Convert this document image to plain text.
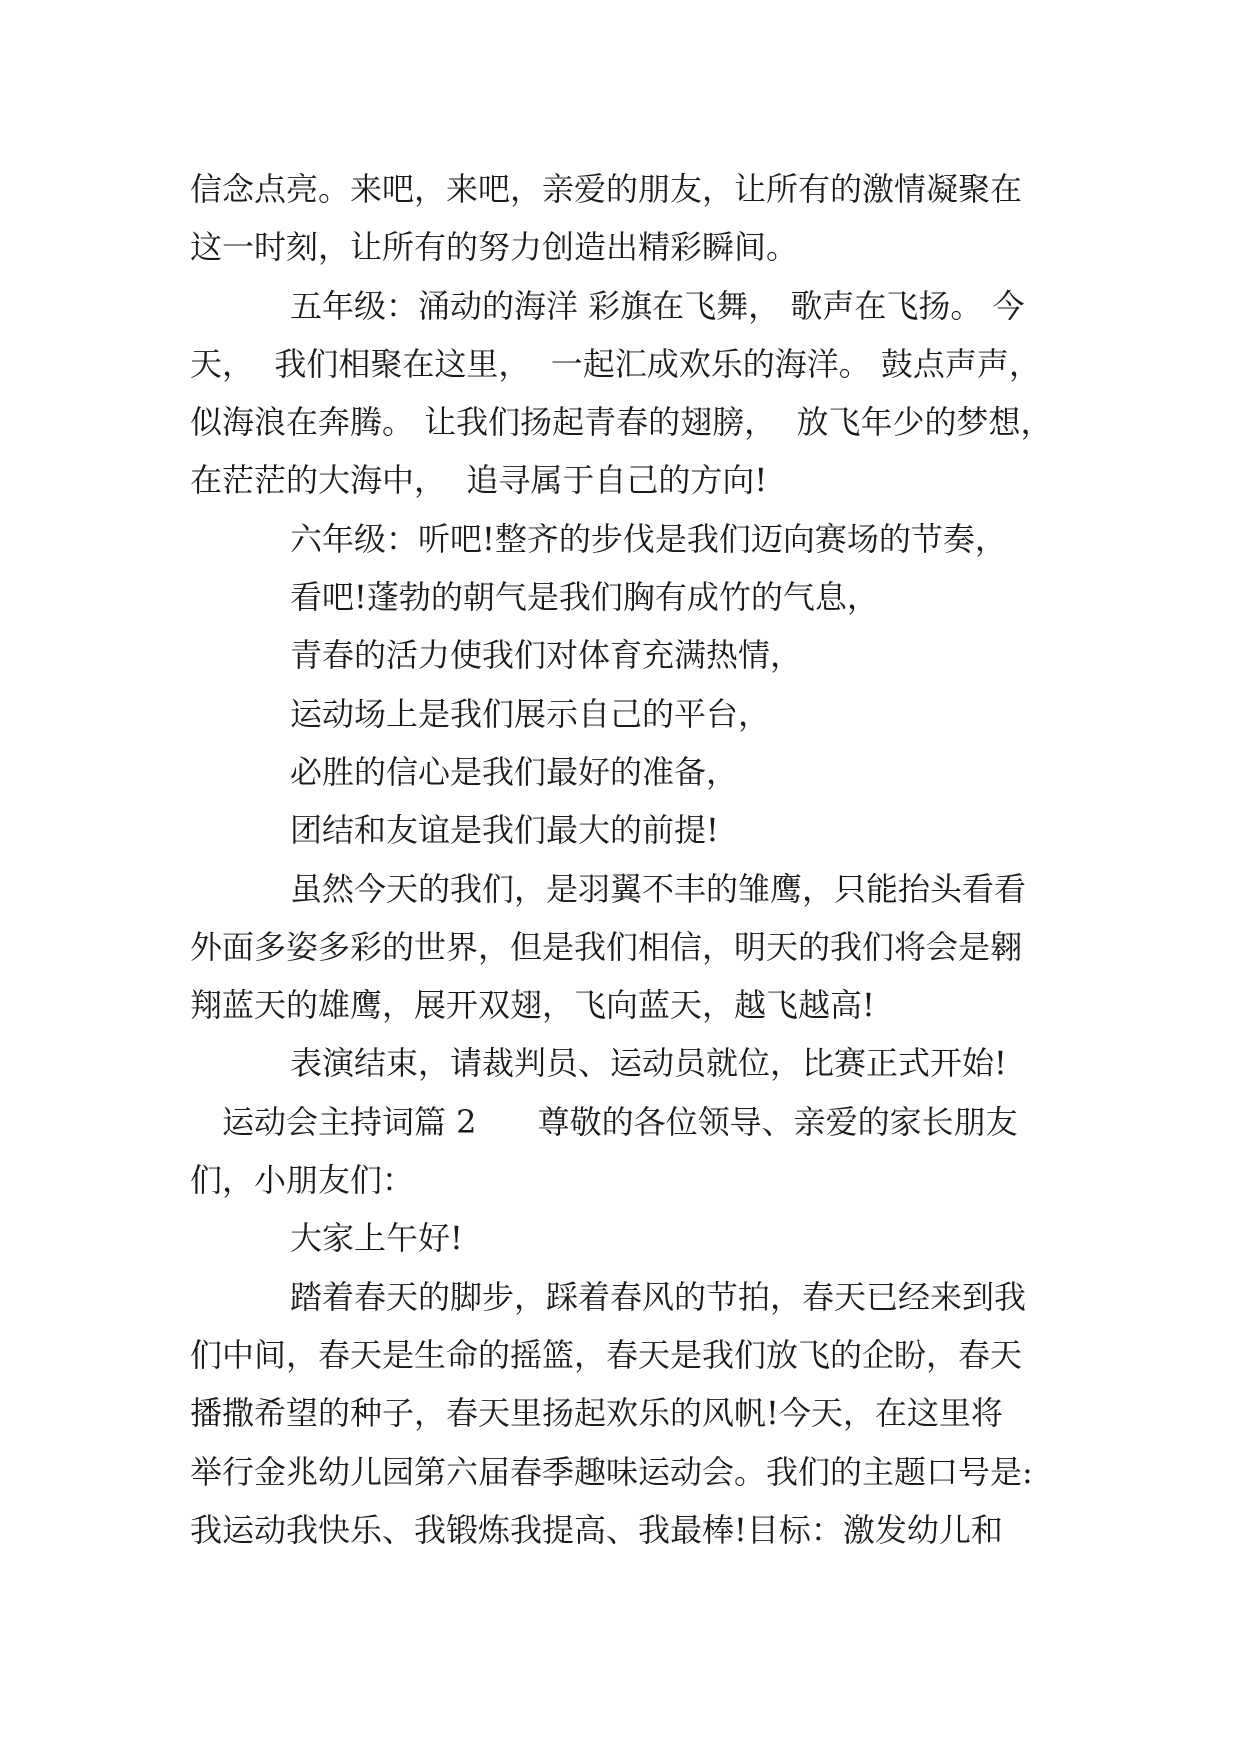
信念点亮。来吧，来吧，亲爱的朋友，让所有的激情凝聚在
这一时刻，让所有的努力创造出精彩瞬间。
五年级：涌动的海洋 彩旗在飞舞， 歌声在飞扬。 今
天，  我们相聚在这里，  一起汇成欢乐的海洋。 鼓点声声，
似海浪在奔腾。 让我们扬起青春的翅膀，  放飞年少的梦想，
在茫茫的大海中，  追寻属于自己的方向!
六年级：听吧!整齐的步伐是我们迈向赛场的节奏，
看吧!蓬勃的朝气是我们胸有成竹的气息，
青春的活力使我们对体育充满热情，
运动场上是我们展示自己的平台，
必胜的信心是我们最好的准备，
团结和友谊是我们最大的前提!
虽然今天的我们，是羽翼不丰的雏鹰，只能抬头看看
外面多姿多彩的世界，但是我们相信，明天的我们将会是翱
翔蓝天的雄鹰，展开双翅，飞向蓝天，越飞越高!
表演结束，请裁判员、运动员就位，比赛正式开始!
运动会主持词篇 2      尊敬的各位领导、亲爱的家长朋友
们，小朋友们：
大家上午好!
踏着春天的脚步，踩着春风的节拍，春天已经来到我
们中间，春天是生命的摇篮，春天是我们放飞的企盼，春天
播撒希望的种子，春天里扬起欢乐的风帆!今天，在这里将
举行金兆幼儿园第六届春季趣味运动会。我们的主题口号是:
我运动我快乐、我锻炼我提高、我最棒!目标：激发幼儿和
